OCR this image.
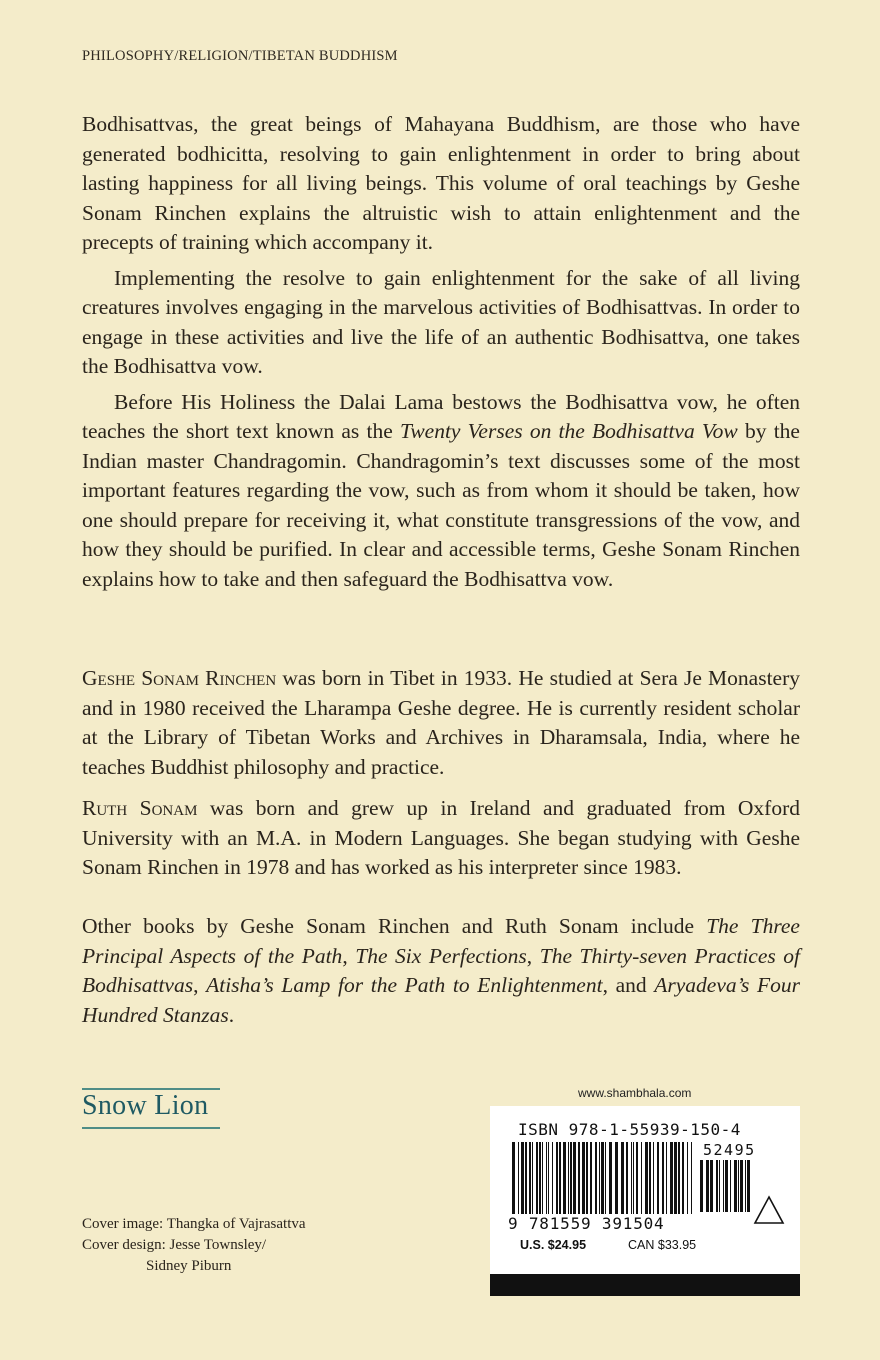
PHILOSOPHY/RELIGION/TIBETAN BUDDHISM

Bodhisattvas, the great beings of Mahayana Buddhism, are those who have generated bodhicitta, resolving to gain enlightenment in order to bring about lasting happiness for all living beings. This volume of oral teachings by Geshe Sonam Rinchen explains the altruistic wish to attain enlightenment and the precepts of training which accompany it.

Implementing the resolve to gain enlightenment for the sake of all living creatures involves engaging in the marvelous activities of Bodhisattvas. In order to engage in these activities and live the life of an authentic Bodhisattva, one takes the Bodhisattva vow.

Before His Holiness the Dalai Lama bestows the Bodhisattva vow, he often teaches the short text known as the Twenty Verses on the Bodhisattva Vow by the Indian master Chandragomin. Chandragomin’s text discusses some of the most important features regarding the vow, such as from whom it should be taken, how one should prepare for receiving it, what constitute transgressions of the vow, and how they should be purified. In clear and accessible terms, Geshe Sonam Rinchen explains how to take and then safeguard the Bodhisattva vow.

Geshe Sonam Rinchen was born in Tibet in 1933. He studied at Sera Je Monastery and in 1980 received the Lharampa Geshe degree. He is currently resident scholar at the Library of Tibetan Works and Archives in Dharamsala, India, where he teaches Buddhist philosophy and practice.

Ruth Sonam was born and grew up in Ireland and graduated from Oxford University with an M.A. in Modern Languages. She began studying with Geshe Sonam Rinchen in 1978 and has worked as his interpreter since 1983.

Other books by Geshe Sonam Rinchen and Ruth Sonam include The Three Principal Aspects of the Path, The Six Perfections, The Thirty-seven Practices of Bodhisattvas, Atisha’s Lamp for the Path to Enlightenment, and Aryadeva’s Four Hundred Stanzas.

Snow Lion
Cover image: Thangka of Vajrasattva
Cover design: Jesse Townsley/
Sidney Piburn
www.shambhala.com
ISBN 978-1-55939-150-4
52495
9 781559 391504
U.S. $24.95	CAN $33.95
